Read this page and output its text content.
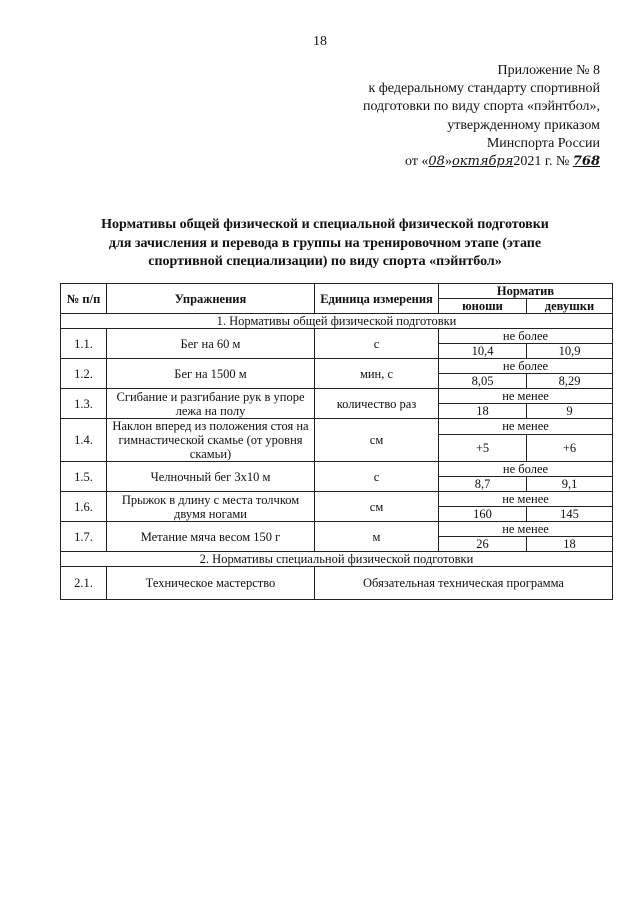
18
Приложение № 8
к федеральному стандарту спортивной
подготовки по виду спорта «пэйнтбол»,
утвержденному приказом
Минспорта России
от «08»октября2021 г. № 768
Нормативы общей физической и специальной физической подготовки
для зачисления и перевода в группы на тренировочном этапе (этапе
спортивной специализации) по виду спорта «пэйнтбол»
№ п/п	Упражнения	Единица измерения	Норматив	
			юноши	девушки
1. Нормативы общей физической подготовки				
1.1.	Бег на 60 м	с	не более	
			10,4	10,9
1.2.	Бег на 1500 м	мин, с	не более	
			8,05	8,29
1.3.	Сгибание и разгибание рук в упоре лежа на полу	количество раз	не менее	
			18	9
1.4.	Наклон вперед из положения стоя на гимнастической скамье (от уровня скамьи)	см	не менее	
			+5	+6
1.5.	Челночный бег 3х10 м	с	не более	
			8,7	9,1
1.6.	Прыжок в длину с места толчком двумя ногами	см	не менее	
			160	145
1.7.	Метание мяча весом 150 г	м	не менее	
			26	18
2. Нормативы специальной физической подготовки				
2.1.	Техническое мастерство	Обязательная техническая программа		
